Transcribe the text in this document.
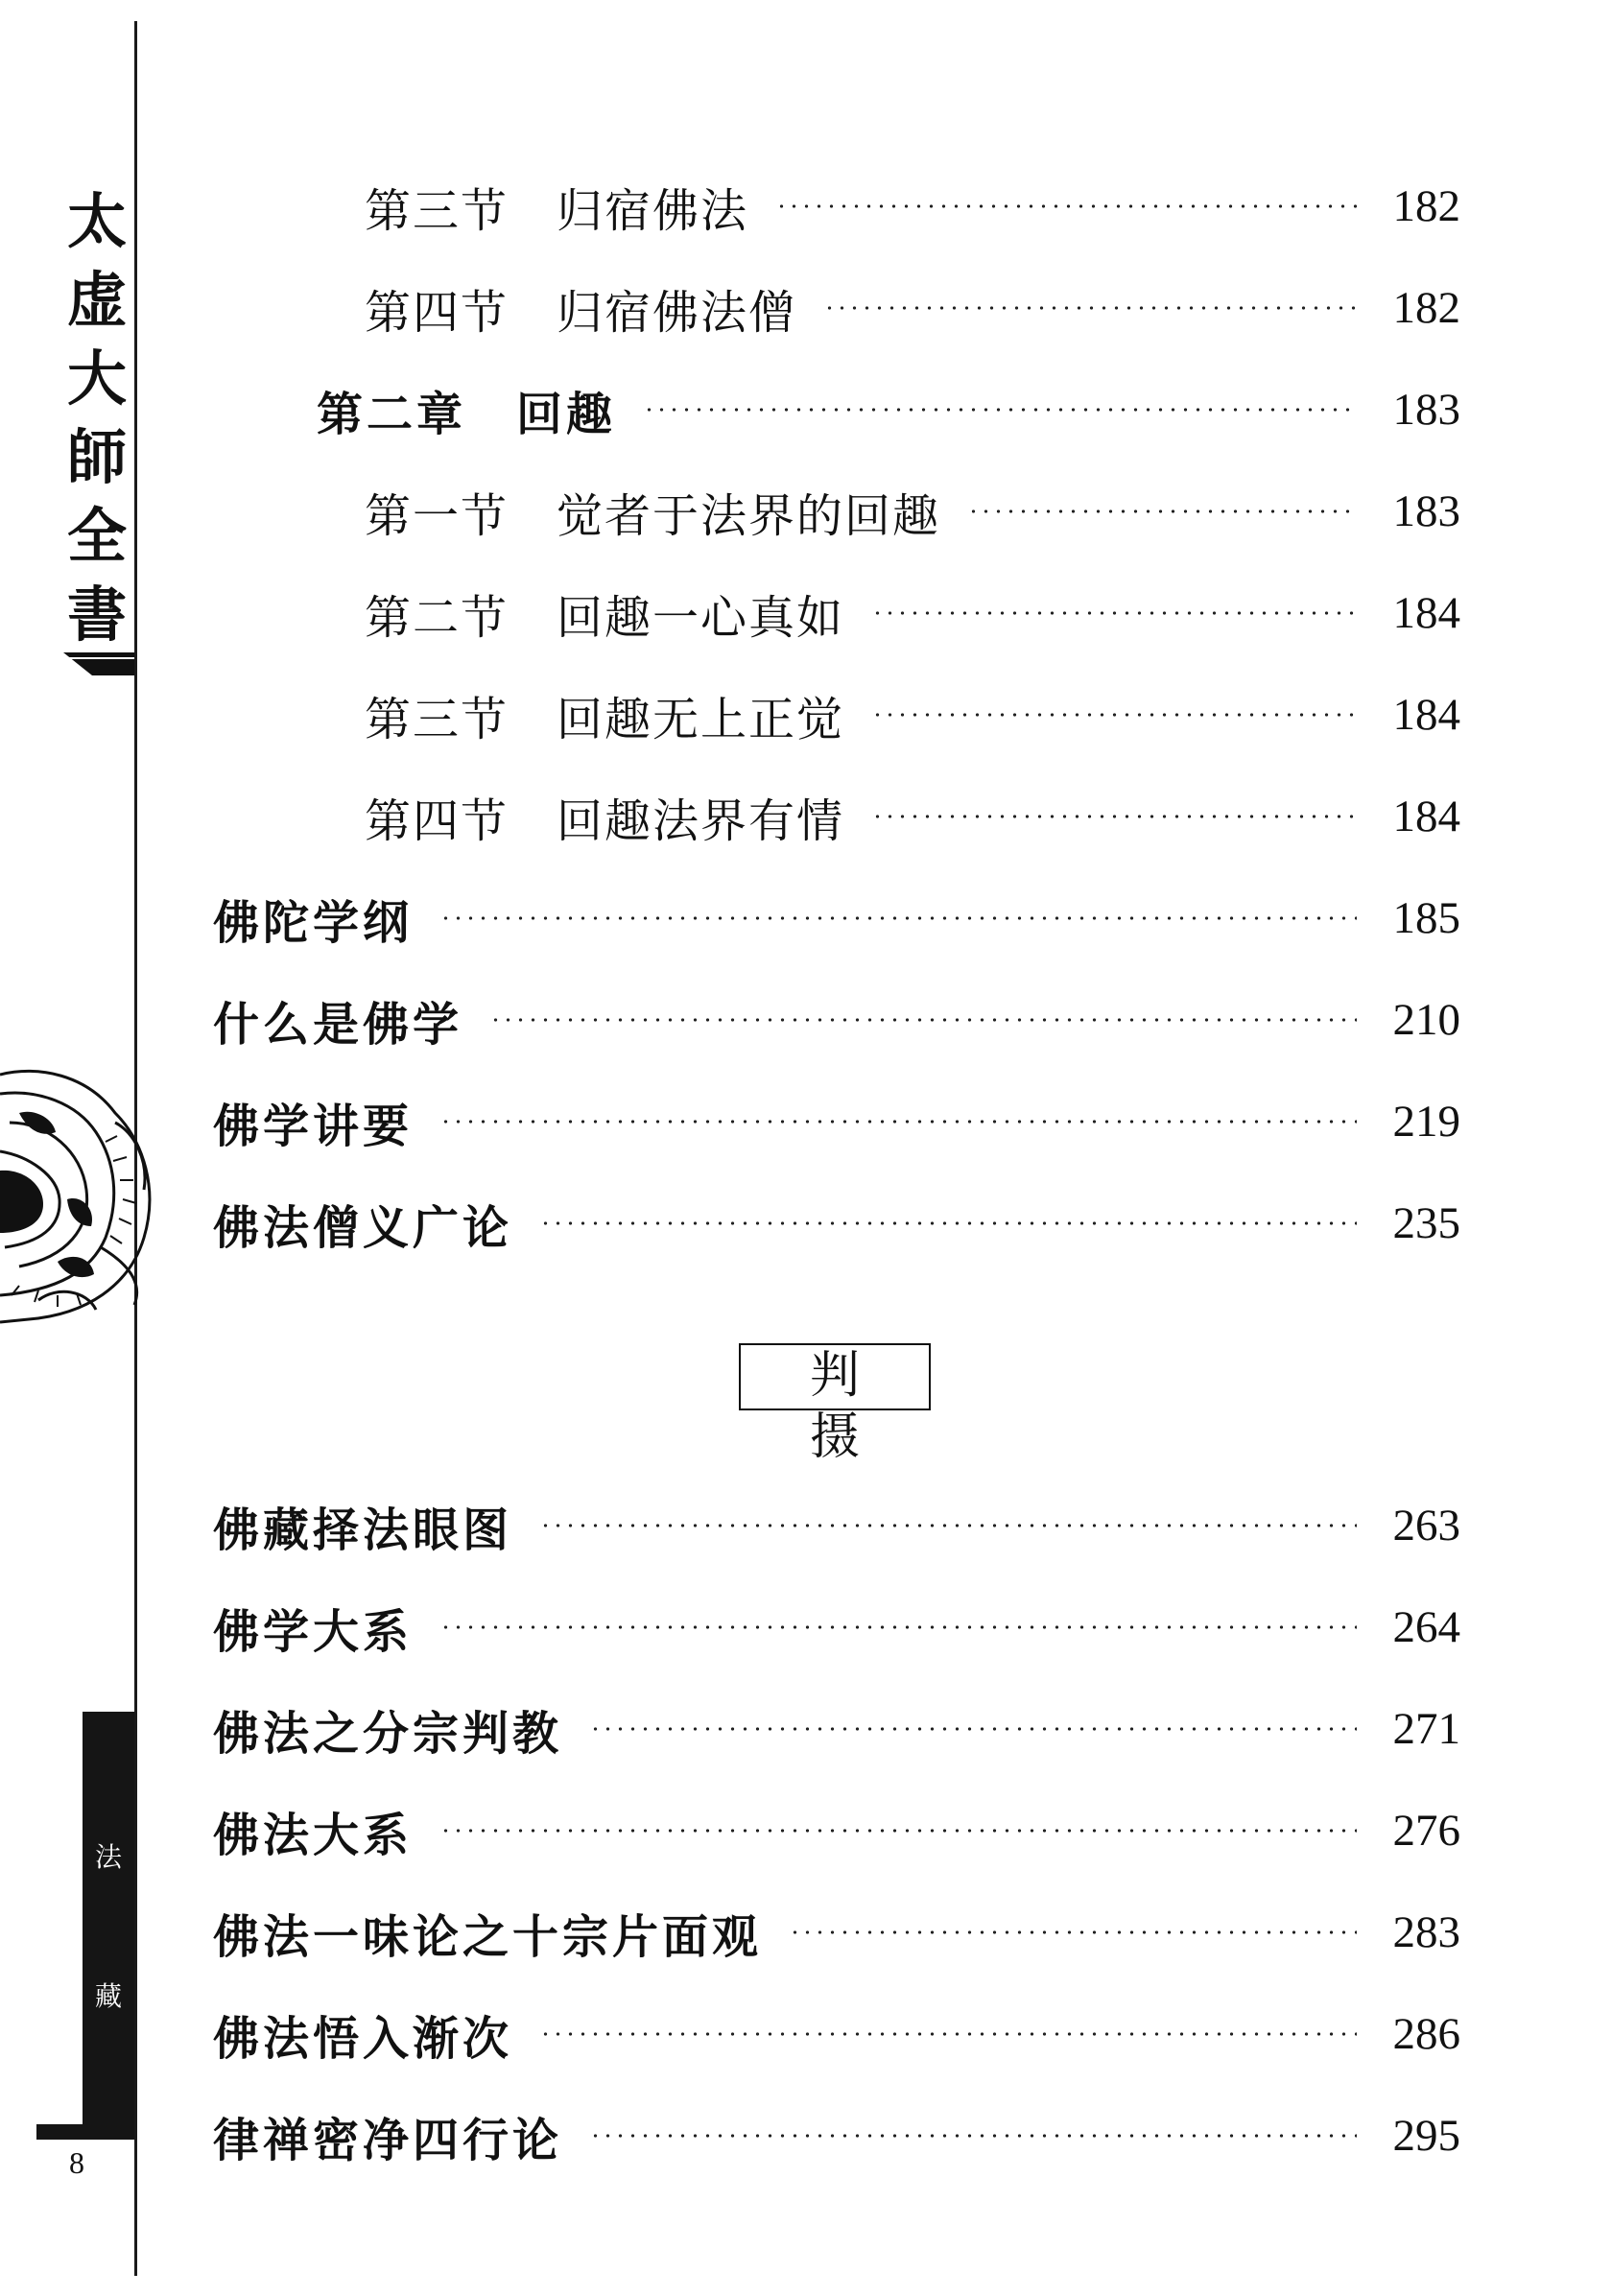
太
虚
大
師
全
書
法
藏
8
第三节　归宿佛法	182
第四节　归宿佛法僧	182
第二章　回趣	183
第一节　觉者于法界的回趣	183
第二节　回趣一心真如	184
第三节　回趣无上正觉	184
第四节　回趣法界有情	184
佛陀学纲	185
什么是佛学	210
佛学讲要	219
佛法僧义广论	235
判 摄
佛藏择法眼图	263
佛学大系	264
佛法之分宗判教	271
佛法大系	276
佛法一味论之十宗片面观	283
佛法悟入渐次	286
律禅密净四行论	295
